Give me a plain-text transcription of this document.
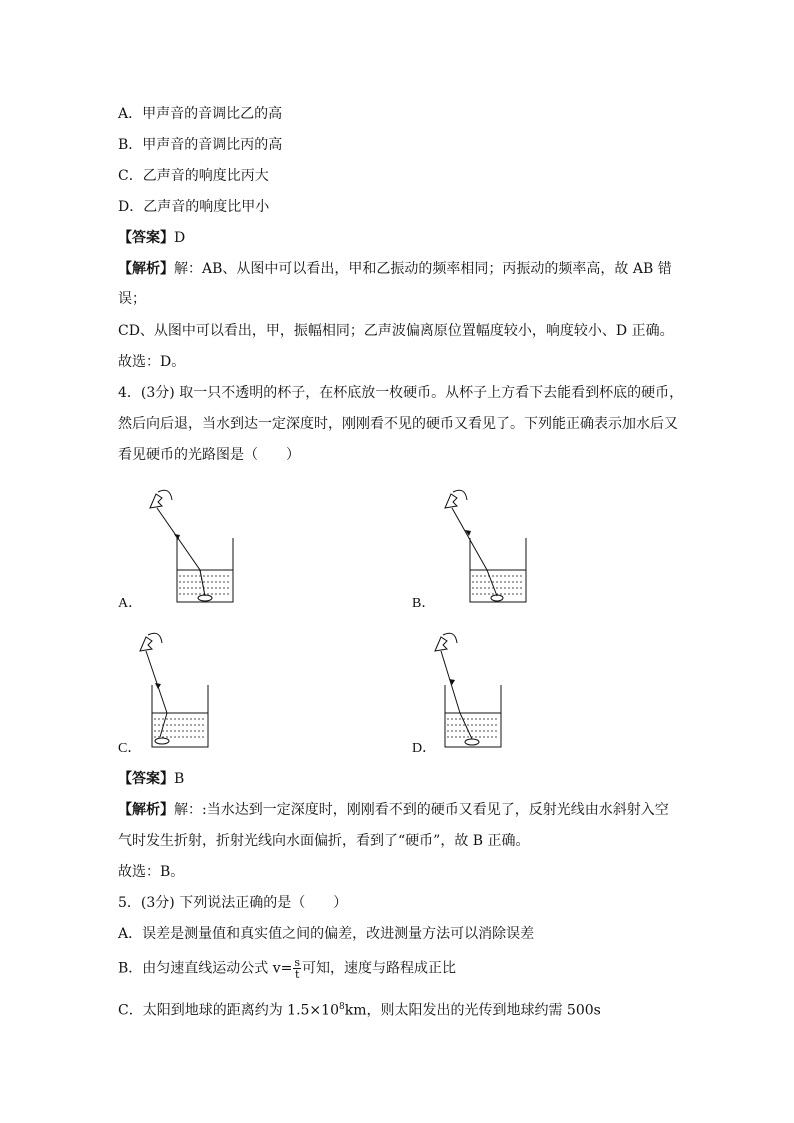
A．甲声音的音调比乙的高
B．甲声音的音调比丙的高
C．乙声音的响度比丙大
D．乙声音的响度比甲小
【答案】D
【解析】解：AB、从图中可以看出，甲和乙振动的频率相同；丙振动的频率高，故 AB 错
误；
CD、从图中可以看出，甲，振幅相同；乙声波偏离原位置幅度较小，响度较小、D 正确。
故选：D。
4．(3分) 取一只不透明的杯子，在杯底放一枚硬币。从杯子上方看下去能看到杯底的硬币，
然后向后退，当水到达一定深度时，刚刚看不见的硬币又看见了。下列能正确表示加水后又
看见硬币的光路图是（　　）
A．	B．
C．	D．
【答案】B
【解析】解：:当水达到一定深度时，刚刚看不到的硬币又看见了，反射光线由水斜射入空
气时发生折射，折射光线向水面偏折，看到了“硬币”，故 B 正确。
故选：B。
5．(3分) 下列说法正确的是（　　）
A．误差是测量值和真实值之间的偏差，改进测量方法可以消除误差
B．由匀速直线运动公式 $v= \frac{s}{t}$ 可知，速度与路程成正比
C．太阳到地球的距离约为 $1.5\times 10^8km$，则太阳发出的光传到地球约需 500s
